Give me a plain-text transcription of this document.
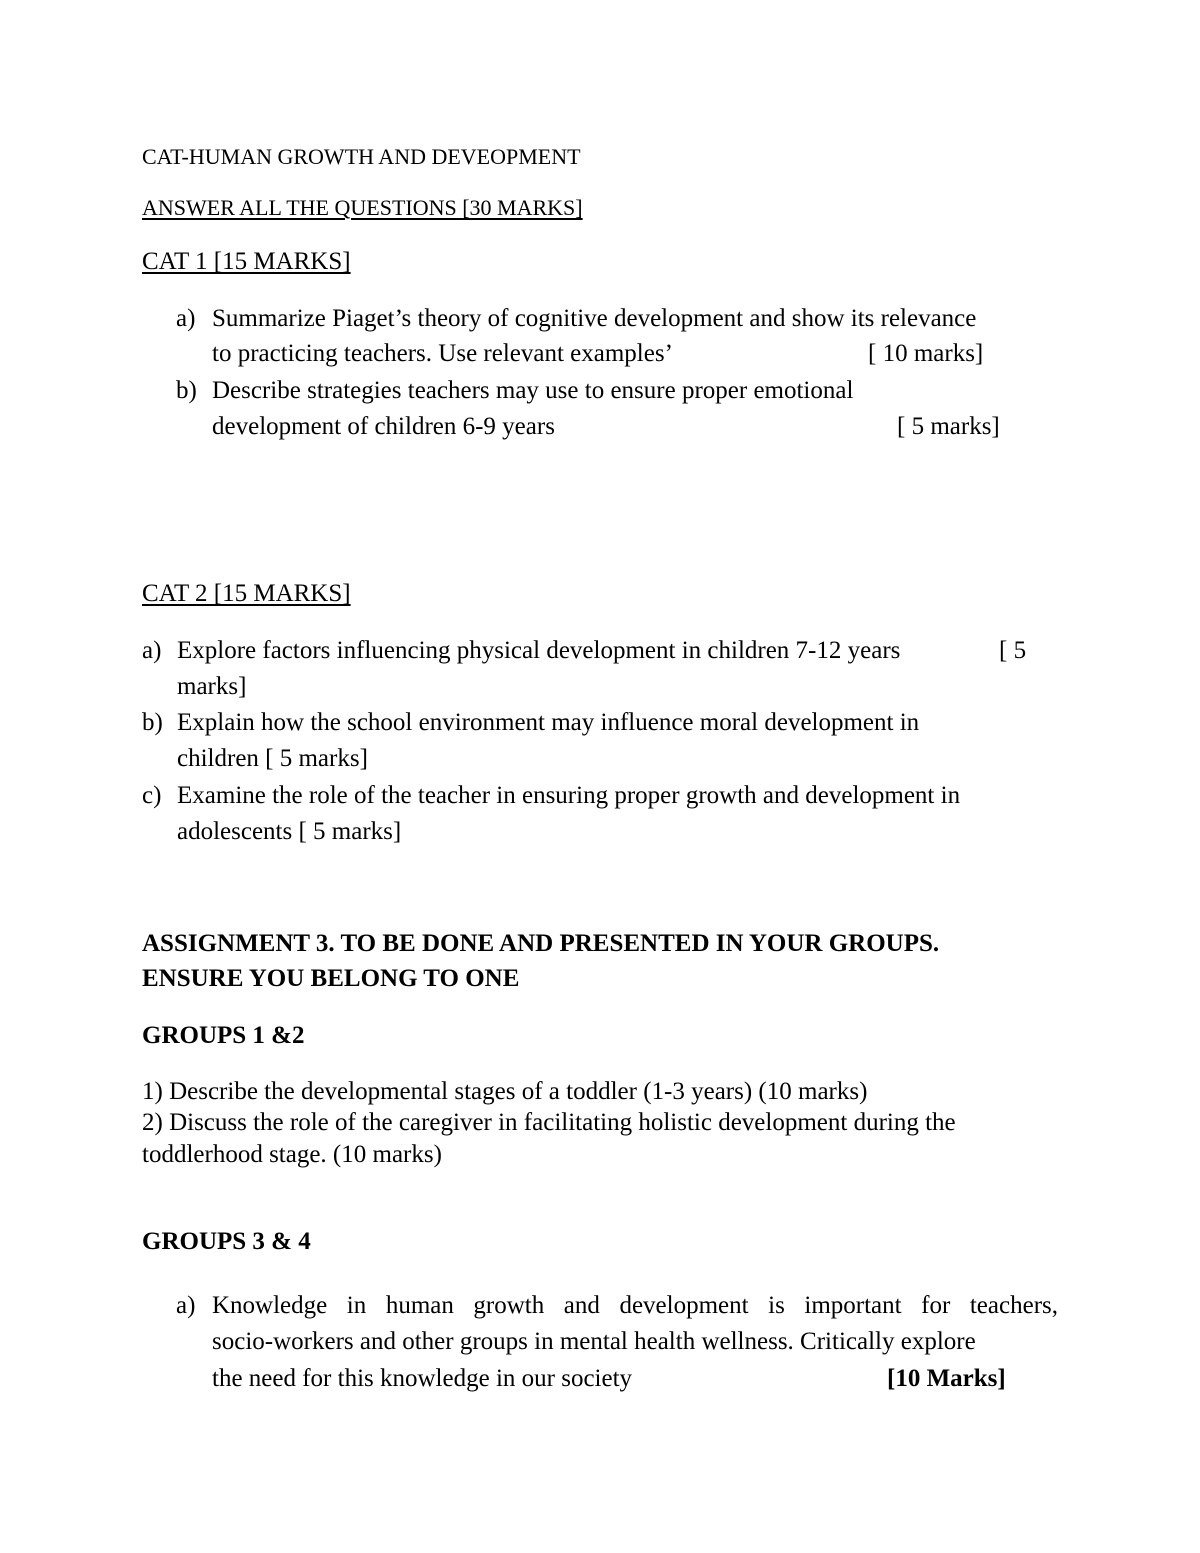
CAT-HUMAN GROWTH AND DEVEOPMENT
ANSWER ALL THE QUESTIONS [30 MARKS]
CAT 1 [15 MARKS]
a) Summarize Piaget’s theory of cognitive development and show its relevance
to practicing teachers. Use relevant examples’	[ 10 marks]
b) Describe strategies teachers may use to ensure proper emotional
development of children 6-9 years	[ 5 marks]
CAT 2 [15 MARKS]
a) Explore factors influencing physical development in children 7-12 years	[ 5
marks]
b) Explain how the school environment may influence moral development in
children [ 5 marks]
c) Examine the role of the teacher in ensuring proper growth and development in
adolescents [ 5 marks]
ASSIGNMENT 3. TO BE DONE AND PRESENTED IN YOUR GROUPS.
ENSURE YOU BELONG TO ONE
GROUPS 1 &2
1) Describe the developmental stages of a toddler (1-3 years) (10 marks)
2) Discuss the role of the caregiver in facilitating holistic development during the
toddlerhood stage. (10 marks)
GROUPS 3 & 4
a) Knowledge in human growth and development is important for teachers,
socio-workers and other groups in mental health wellness. Critically explore
the need for this knowledge in our society	[10 Marks]
